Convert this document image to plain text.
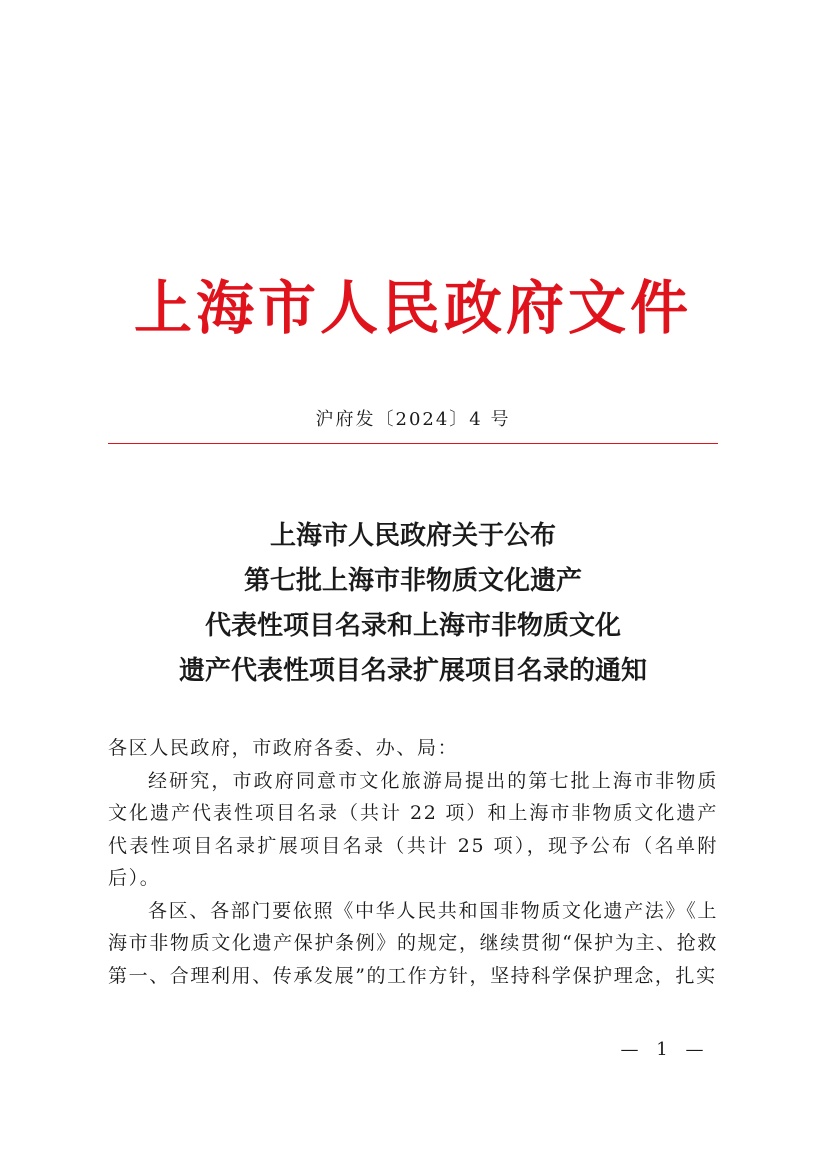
上海市人民政府文件
沪府发〔2024〕4 号
上海市人民政府关于公布
第七批上海市非物质文化遗产
代表性项目名录和上海市非物质文化
遗产代表性项目名录扩展项目名录的通知

各区人民政府，市政府各委、办、局：

经研究，市政府同意市文化旅游局提出的第七批上海市非物质文化遗产代表性项目名录（共计 22 项）和上海市非物质文化遗产代表性项目名录扩展项目名录（共计 25 项），现予公布（名单附后）。

各区、各部门要依照《中华人民共和国非物质文化遗产法》《上海市非物质文化遗产保护条例》的规定，继续贯彻“保护为主、抢救第一、合理利用、传承发展”的工作方针，坚持科学保护理念，扎实

— 1 —
